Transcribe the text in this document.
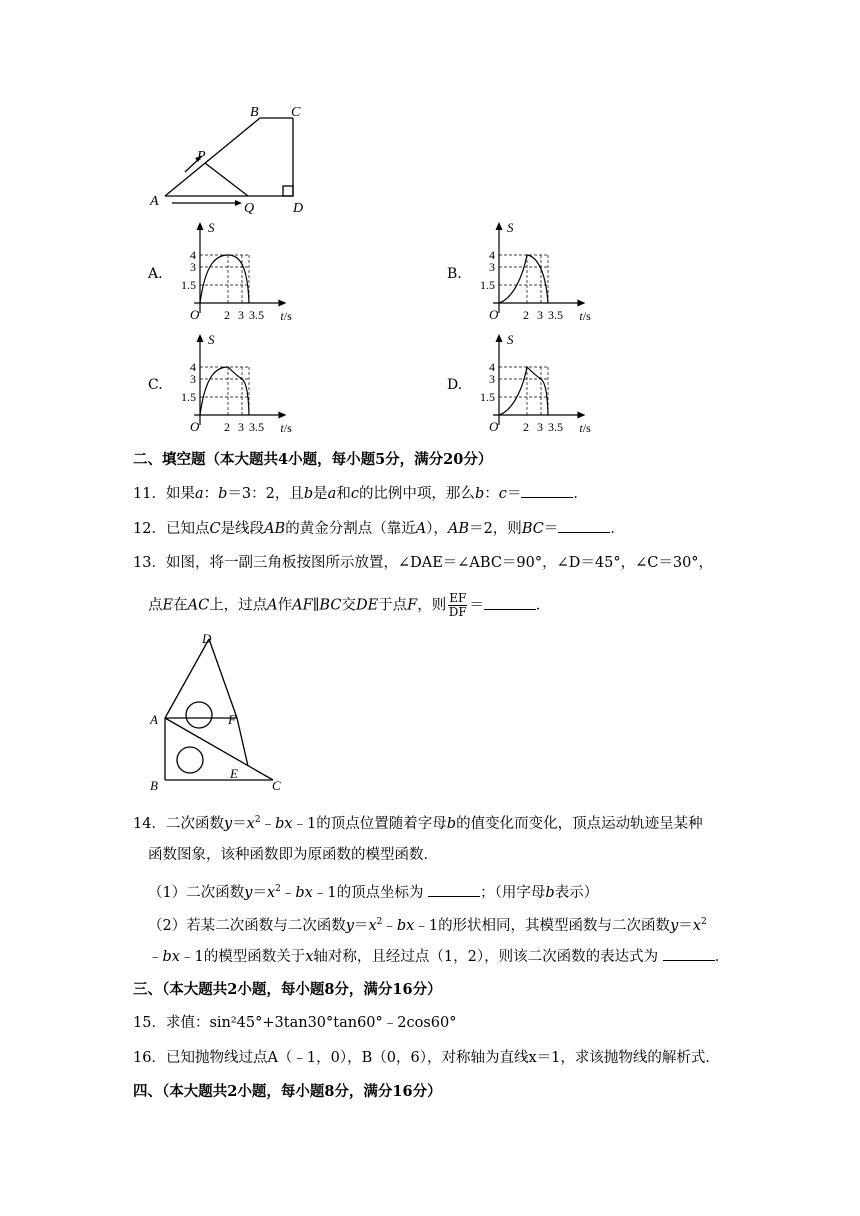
A
B C
D
P
Q
A.	B.
C.	D.
4
3
1.5
2 3 3.5
O
S
t/s
4
3
1.5
2 3 3.5
O
S
t/s
4
3
1.5
2 3 3.5
O
S
t/s
4
3
1.5
2 3 3.5
O
S
t/s
二、填空题（本大题共4小题，每小题5分，满分20分）
11．如果a：b＝3：2，且b是a和c的比例中项，那么b：c＝	．
12．已知点C是线段AB的黄金分割点（靠近A），AB＝2，则BC＝	．
13．如图，将一副三角板按图所示放置，∠DAE＝∠ABC＝90°，∠D＝45°，∠C＝30°，
点E在AC上，过点A作AF∥BC交DE于点F，则 $\frac{EF}{DF}$ ＝	．
D
A	F
B
E
C
14．二次函数$y=x^2﹣bx﹣1$的顶点位置随着字母b的值变化而变化，顶点运动轨迹呈某种
函数图象，该种函数即为原函数的模型函数．
（1）二次函数$y=x^2﹣bx﹣1$的顶点坐标为	；（用字母b表示）
（2）若某二次函数与二次函数$y=x^2﹣bx﹣1$的形状相同，其模型函数与二次函数$y=x^2$
﹣bx﹣1的模型函数关于x轴对称，且经过点（1，2），则该二次函数的表达式为	．
三、（本大题共2小题，每小题8分，满分16分）
15．求值：sin²45°+3tan30°tan60°﹣2cos60°
16．已知抛物线过点A（﹣1，0），B（0，6），对称轴为直线x＝1，求该抛物线的解析式．
四、（本大题共2小题，每小题8分，满分16分）
